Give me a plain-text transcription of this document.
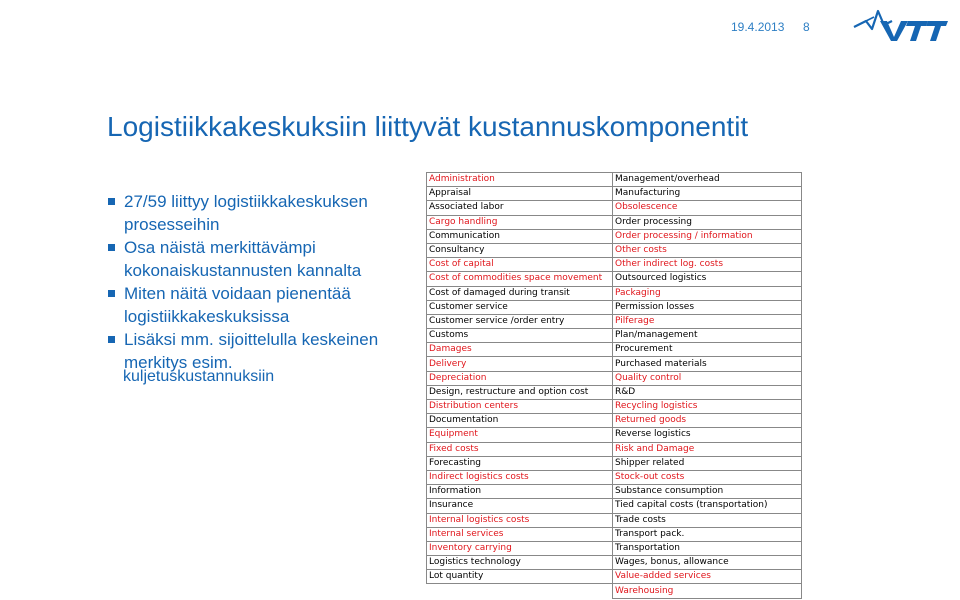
19.4.2013 8
Logistiikkakeskuksiin liittyvät kustannuskomponentit
27/59 liittyy logistiikkakeskuksen prosesseihin
Osa näistä merkittävämpi kokonaiskustannusten kannalta
Miten näitä voidaan pienentää logistiikkakeskuksissa
Lisäksi mm. sijoittelulla keskeinen merkitys esim.
kuljetuskustannuksiin
Administration	Management/overhead
Appraisal	Manufacturing
Associated labor	Obsolescence
Cargo handling	Order processing
Communication	Order processing / information
Consultancy	Other costs
Cost of capital	Other indirect log. costs
Cost of commodities space movement	Outsourced logistics
Cost of damaged during transit	Packaging
Customer service	Permission losses
Customer service /order entry	Pilferage
Customs	Plan/management
Damages	Procurement
Delivery	Purchased materials
Depreciation	Quality control
Design, restructure and option cost	R&D
Distribution centers	Recycling logistics
Documentation	Returned goods
Equipment	Reverse logistics
Fixed costs	Risk and Damage
Forecasting	Shipper related
Indirect logistics costs	Stock-out costs
Information	Substance consumption
Insurance	Tied capital costs (transportation)
Internal logistics costs	Trade costs
Internal services	Transport pack.
Inventory carrying	Transportation
Logistics technology	Wages, bonus, allowance
Lot quantity	Value-added services
	Warehousing
